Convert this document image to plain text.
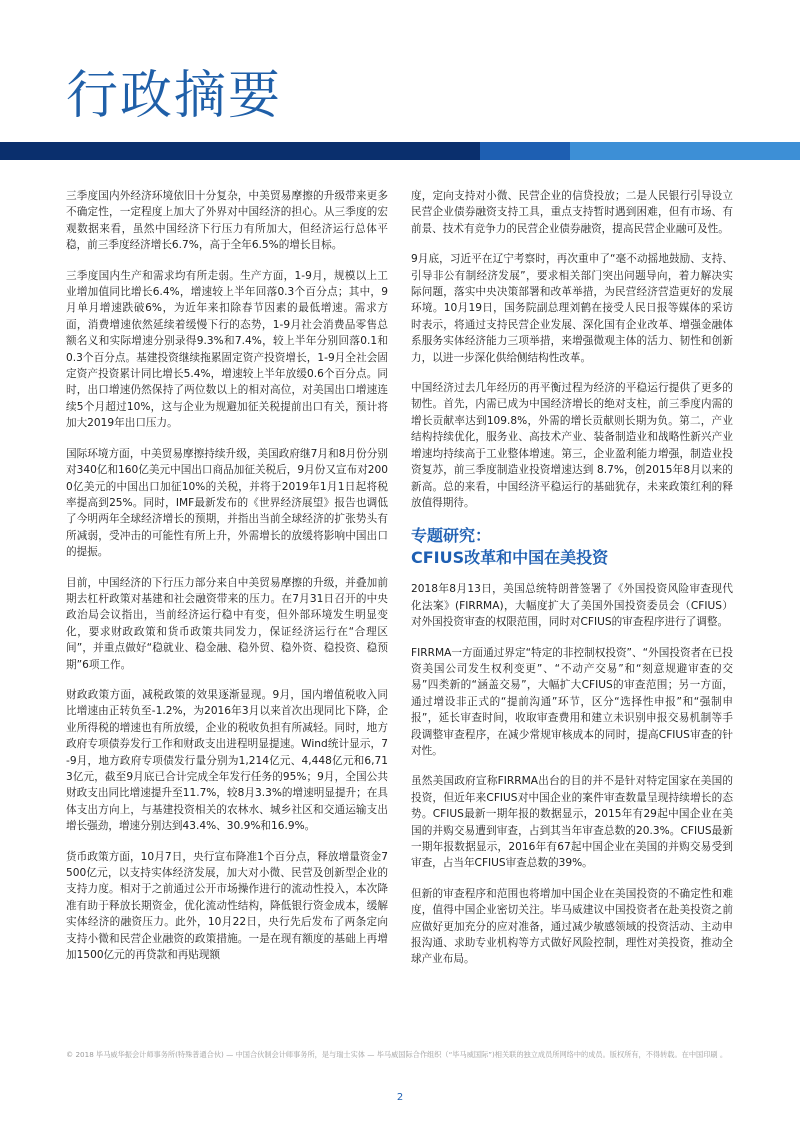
行政摘要

三季度国内外经济环境依旧十分复杂，中美贸易摩擦的升级带来更多不确定性，一定程度上加大了外界对中国经济的担心。从三季度的宏观数据来看，虽然中国经济下行压力有所加大，但经济运行总体平稳，前三季度经济增长6.7%，高于全年6.5%的增长目标。

三季度国内生产和需求均有所走弱。生产方面，1-9月，规模以上工业增加值同比增长6.4%，增速较上半年回落0.3个百分点；其中，9月单月增速跌破6%，为近年来扣除春节因素的最低增速。需求方面，消费增速依然延续着缓慢下行的态势，1-9月社会消费品零售总额名义和实际增速分别录得9.3%和7.4%，较上半年分别回落0.1和0.3个百分点。基建投资继续拖累固定资产投资增长，1-9月全社会固定资产投资累计同比增长5.4%，增速较上半年放缓0.6个百分点。同时，出口增速仍然保持了两位数以上的相对高位，对美国出口增速连续5个月超过10%，这与企业为规避加征关税提前出口有关，预计将加大2019年出口压力。

国际环境方面，中美贸易摩擦持续升级，美国政府继7月和8月份分别对340亿和160亿美元中国出口商品加征关税后，9月份又宣布对2000亿美元的中国出口加征10%的关税，并将于2019年1月1日起将税率提高到25%。同时，IMF最新发布的《世界经济展望》报告也调低了今明两年全球经济增长的预期，并指出当前全球经济的扩张势头有所减弱，受冲击的可能性有所上升，外需增长的放缓将影响中国出口的提振。

目前，中国经济的下行压力部分来自中美贸易摩擦的升级，并叠加前期去杠杆政策对基建和社会融资带来的压力。在7月31日召开的中央政治局会议指出，当前经济运行稳中有变，但外部环境发生明显变化，要求财政政策和货币政策共同发力，保证经济运行在“合理区间”，并重点做好“稳就业、稳金融、稳外贸、稳外资、稳投资、稳预期”6项工作。

财政政策方面，减税政策的效果逐渐显现。9月，国内增值税收入同比增速由正转负至-1.2%，为2016年3月以来首次出现同比下降，企业所得税的增速也有所放缓，企业的税收负担有所减轻。同时，地方政府专项债券发行工作和财政支出进程明显提速。Wind统计显示，7-9月，地方政府专项债发行量分别为1,214亿元、4,448亿元和6,713亿元，截至9月底已合计完成全年发行任务的95%；9月，全国公共财政支出同比增速提升至11.7%，较8月3.3%的增速明显提升；在具体支出方向上，与基建投资相关的农林水、城乡社区和交通运输支出增长强劲，增速分别达到43.4%、30.9%和16.9%。

货币政策方面，10月7日，央行宣布降准1个百分点，释放增量资金7500亿元，以支持实体经济发展，加大对小微、民营及创新型企业的支持力度。相对于之前通过公开市场操作进行的流动性投入，本次降准有助于释放长期资金，优化流动性结构，降低银行资金成本，缓解实体经济的融资压力。此外，10月22日，央行先后发布了两条定向支持小微和民营企业融资的政策措施。一是在现有额度的基础上再增加1500亿元的再贷款和再贴现额

度，定向支持对小微、民营企业的信贷投放；二是人民银行引导设立民营企业债券融资支持工具，重点支持暂时遇到困难，但有市场、有前景、技术有竞争力的民营企业债券融资，提高民营企业融可及性。

9月底，习近平在辽宁考察时，再次重申了“毫不动摇地鼓励、支持、引导非公有制经济发展”，要求相关部门突出问题导向，着力解决实际问题，落实中央决策部署和改革举措，为民营经济营造更好的发展环境。10月19日，国务院副总理刘鹤在接受人民日报等媒体的采访时表示，将通过支持民营企业发展、深化国有企业改革、增强金融体系服务实体经济能力三项举措，来增强微观主体的活力、韧性和创新力，以进一步深化供给侧结构性改革。

中国经济过去几年经历的再平衡过程为经济的平稳运行提供了更多的韧性。首先，内需已成为中国经济增长的绝对支柱，前三季度内需的增长贡献率达到109.8%，外需的增长贡献则长期为负。第二，产业结构持续优化，服务业、高技术产业、装备制造业和战略性新兴产业增速均持续高于工业整体增速。第三，企业盈利能力增强，制造业投资复苏，前三季度制造业投资增速达到 8.7%，创2015年8月以来的新高。总的来看，中国经济平稳运行的基础犹存，未来政策红利的释放值得期待。

专题研究：
CFIUS改革和中国在美投资

2018年8月13日，美国总统特朗普签署了《外国投资风险审查现代化法案》(FIRRMA)，大幅度扩大了美国外国投资委员会（CFIUS）对外国投资审查的权限范围，同时对CFIUS的审查程序进行了调整。

FIRRMA一方面通过界定“特定的非控制权投资”、“外国投资者在已投资美国公司发生权利变更”、“不动产交易”和“刻意规避审查的交易”四类新的“涵盖交易”，大幅扩大CFIUS的审查范围；另一方面，通过增设非正式的“提前沟通”环节，区分“选择性申报”和“强制申报”，延长审查时间，收取审查费用和建立未识别申报交易机制等手段调整审查程序，在减少常规审核成本的同时，提高CFIUS审查的针对性。

虽然美国政府宣称FIRRMA出台的目的并不是针对特定国家在美国的投资，但近年来CFIUS对中国企业的案件审查数量呈现持续增长的态势。CFIUS最新一期年报的数据显示，2015年有29起中国企业在美国的并购交易遭到审查，占到其当年审查总数的20.3%。CFIUS最新一期年报数据显示，2016年有67起中国企业在美国的并购交易受到审查，占当年CFIUS审查总数的39%。

但新的审查程序和范围也将增加中国企业在美国投资的不确定性和难度，值得中国企业密切关注。毕马威建议中国投资者在赴美投资之前应做好更加充分的应对准备，通过减少敏感领域的投资活动、主动申报沟通、求助专业机构等方式做好风险控制，理性对美投资，推动全球产业布局。

© 2018 毕马威华振会计师事务所(特殊普通合伙) — 中国合伙制会计师事务所，是与瑞士实体 — 毕马威国际合作组织（“毕马威国际”)相关联的独立成员所网络中的成员。版权所有，不得转载。在中国印刷 。
2
